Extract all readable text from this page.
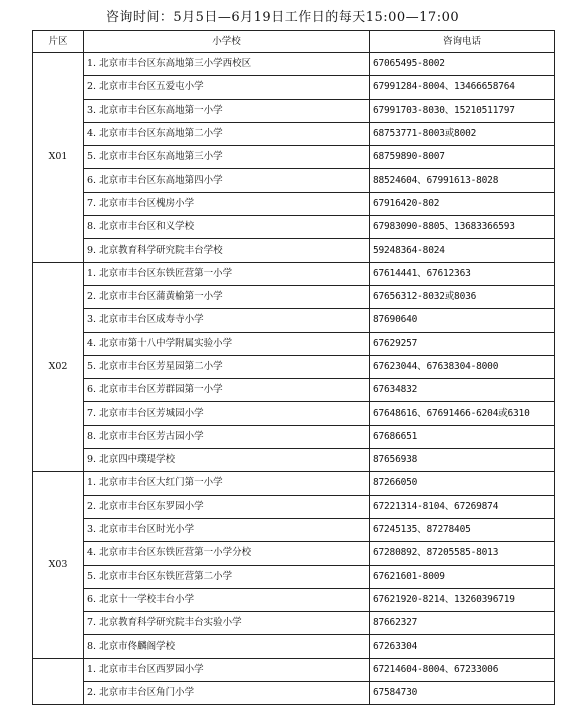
咨询时间：5月5日—6月19日工作日的每天15:00—17:00
片区	小学校	咨询电话
X01	1. 北京市丰台区东高地第三小学西校区	67065495-8002
	2. 北京市丰台区五爱屯小学	67991284-8004、13466658764
	3. 北京市丰台区东高地第一小学	67991703-8030、15210511797
	4. 北京市丰台区东高地第二小学	68753771-8003或8002
	5. 北京市丰台区东高地第三小学	68759890-8007
	6. 北京市丰台区东高地第四小学	88524604、67991613-8028
	7. 北京市丰台区槐房小学	67916420-802
	8. 北京市丰台区和义学校	67983090-8805、13683366593
	9. 北京教育科学研究院丰台学校	59248364-8024
X02	1. 北京市丰台区东铁匠营第一小学	67614441、67612363
	2. 北京市丰台区蒲黄榆第一小学	67656312-8032或8036
	3. 北京市丰台区成寿寺小学	87690640
	4. 北京市第十八中学附属实验小学	67629257
	5. 北京市丰台区芳星园第二小学	67623044、67638304-8000
	6. 北京市丰台区芳群园第一小学	67634832
	7. 北京市丰台区芳城园小学	67648616、67691466-6204或6310
	8. 北京市丰台区芳古园小学	67686651
	9. 北京四中璞瑅学校	87656938
X03	1. 北京市丰台区大红门第一小学	87266050
	2. 北京市丰台区东罗园小学	67221314-8104、67269874
	3. 北京市丰台区时光小学	67245135、87278405
	4. 北京市丰台区东铁匠营第一小学分校	67280892、87205585-8013
	5. 北京市丰台区东铁匠营第二小学	67621601-8009
	6. 北京十一学校丰台小学	67621920-8214、13260396719
	7. 北京教育科学研究院丰台实验小学	87662327
	8. 北京市佟麟阁学校	67263304
	1. 北京市丰台区西罗园小学	67214604-8004、67233006
	2. 北京市丰台区角门小学	67584730
